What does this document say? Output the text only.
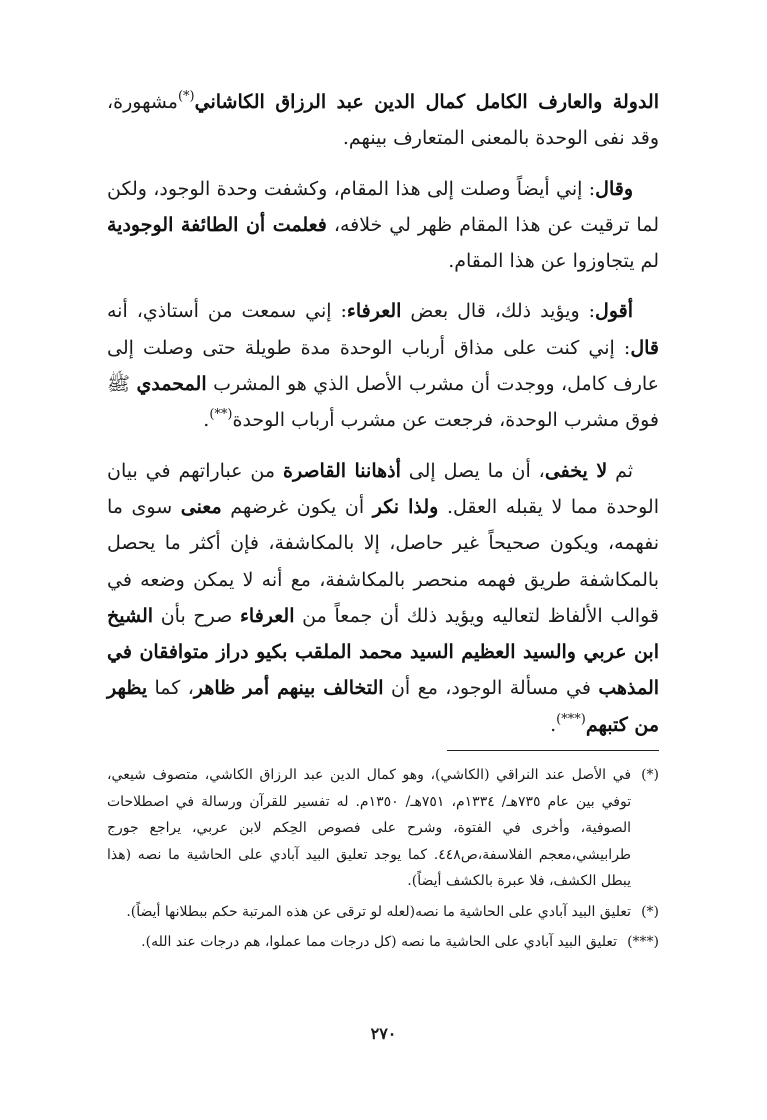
الدولة والعارف الكامل كمال الدين عبد الرزاق الكاشاني(*)مشهورة، وقد نفى الوحدة بالمعنى المتعارف بينهم.

وقال: إني أيضاً وصلت إلى هذا المقام، وكشفت وحدة الوجود، ولكن لما ترقيت عن هذا المقام ظهر لي خلافه، فعلمت أن الطائفة الوجودية لم يتجاوزوا عن هذا المقام.

أقول: ويؤيد ذلك، قال بعض العرفاء: إني سمعت من أستاذي، أنه قال: إني كنت على مذاق أرباب الوحدة مدة طويلة حتى وصلت إلى عارف كامل، ووجدت أن مشرب الأصل الذي هو المشرب المحمدي ﷺ فوق مشرب الوحدة، فرجعت عن مشرب أرباب الوحدة(**).

ثم لا يخفى، أن ما يصل إلى أذهاننا القاصرة من عباراتهم في بيان الوحدة مما لا يقبله العقل. ولذا نكر أن يكون غرضهم معنى سوى ما نفهمه، ويكون صحيحاً غير حاصل، إلا بالمكاشفة، فإن أكثر ما يحصل بالمكاشفة طريق فهمه منحصر بالمكاشفة، مع أنه لا يمكن وضعه في قوالب الألفاظ لتعاليه ويؤيد ذلك أن جمعاً من العرفاء صرح بأن الشيخ ابن عربي والسيد العظيم السيد محمد الملقب بكيو دراز متوافقان في المذهب في مسألة الوجود، مع أن التخالف بينهم أمر ظاهر، كما يظهر من كتبهم(***).

(*)
في الأصل عند النراقي (الكاشي)، وهو كمال الدين عبد الرزاق الكاشي، متصوف شيعي، توفي بين عام ٧٣٥هـ/ ١٣٣٤م، ٧٥١هـ/ ١٣٥٠م. له تفسير للقرآن ورسالة في اصطلاحات الصوفية، وأخرى في الفتوة، وشرح على فصوص الحِكم لابن عربي، يراجع جورج طرابيشي،معجم الفلاسفة،ص٤٤٨. كما يوجد تعليق البيد آبادي على الحاشية ما نصه (هذا يبطل الكشف، فلا عبرة بالكشف أيضاً).
(*)
تعليق البيد آبادي على الحاشية ما نصه(لعله لو ترقى عن هذه المرتبة حكم ببطلانها أيضاً).
(***)
تعليق البيد آبادي على الحاشية ما نصه (كل درجات مما عملوا، هم درجات عند الله).
٢٧٠
